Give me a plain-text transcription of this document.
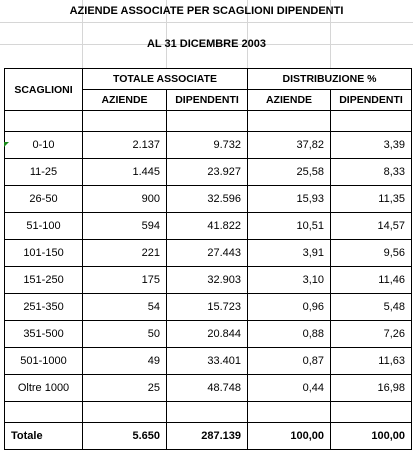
AZIENDE ASSOCIATE PER SCAGLIONI DIPENDENTI
AL 31 DICEMBRE 2003
SCAGLIONI	TOTALE ASSOCIATE		DISTRIBUZIONE %	
	AZIENDE	DIPENDENTI	AZIENDE	DIPENDENTI

0-10	2.137	9.732	37,82	3,39
11-25	1.445	23.927	25,58	8,33
26-50	900	32.596	15,93	11,35
51-100	594	41.822	10,51	14,57
101-150	221	27.443	3,91	9,56
151-250	175	32.903	3,10	11,46
251-350	54	15.723	0,96	5,48
351-500	50	20.844	0,88	7,26
501-1000	49	33.401	0,87	11,63
Oltre 1000	25	48.748	0,44	16,98

Totale	5.650	287.139	100,00	100,00
